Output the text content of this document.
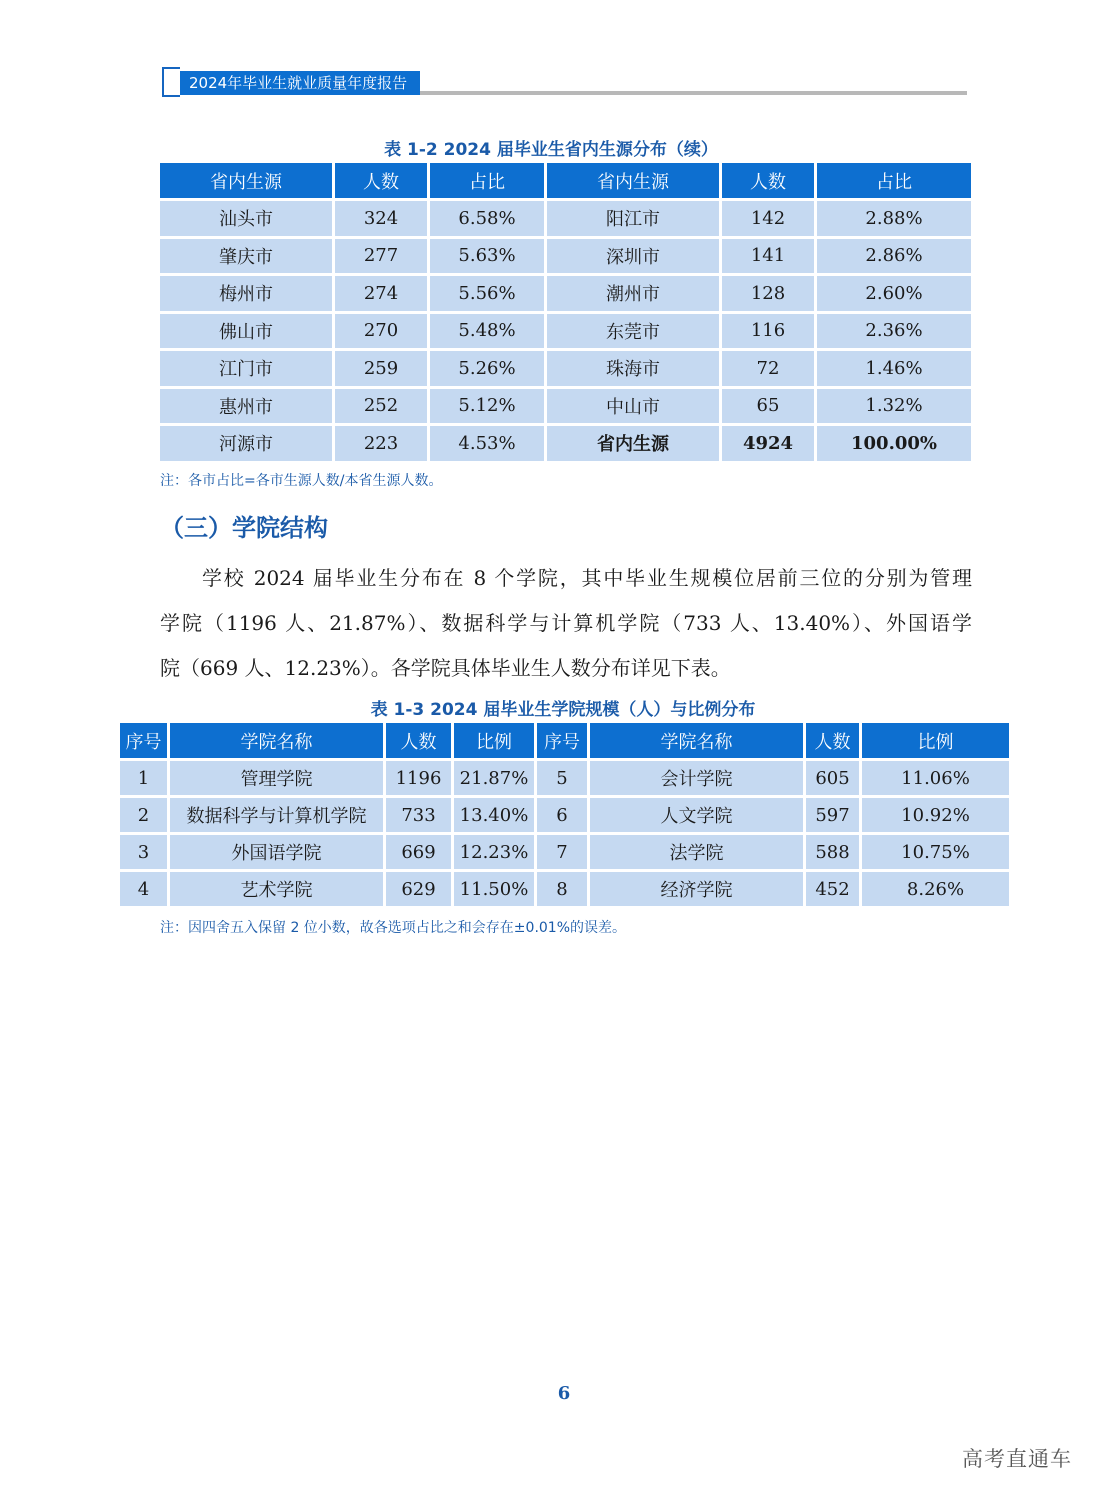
2024年毕业生就业质量年度报告
表 1-2 2024 届毕业生省内生源分布（续）
省内生源	人数	占比	省内生源	人数	占比
汕头市	324	6.58%	阳江市	142	2.88%
肇庆市	277	5.63%	深圳市	141	2.86%
梅州市	274	5.56%	潮州市	128	2.60%
佛山市	270	5.48%	东莞市	116	2.36%
江门市	259	5.26%	珠海市	72	1.46%
惠州市	252	5.12%	中山市	65	1.32%
河源市	223	4.53%	省内生源	4924	100.00%
注：各市占比=各市生源人数/本省生源人数。
（三）学院结构
学校 2024 届毕业生分布在 8 个学院，其中毕业生规模位居前三位的分别为管理
学院（1196 人、21.87%）、数据科学与计算机学院（733 人、13.40%）、外国语学
院（669 人、12.23%）。各学院具体毕业生人数分布详见下表。
表 1-3 2024 届毕业生学院规模（人）与比例分布
序号	学院名称	人数	比例	序号	学院名称	人数	比例
1	管理学院	1196	21.87%	5	会计学院	605	11.06%
2	数据科学与计算机学院	733	13.40%	6	人文学院	597	10.92%
3	外国语学院	669	12.23%	7	法学院	588	10.75%
4	艺术学院	629	11.50%	8	经济学院	452	8.26%
注：因四舍五入保留 2 位小数，故各选项占比之和会存在±0.01%的误差。
6
高考直通车
